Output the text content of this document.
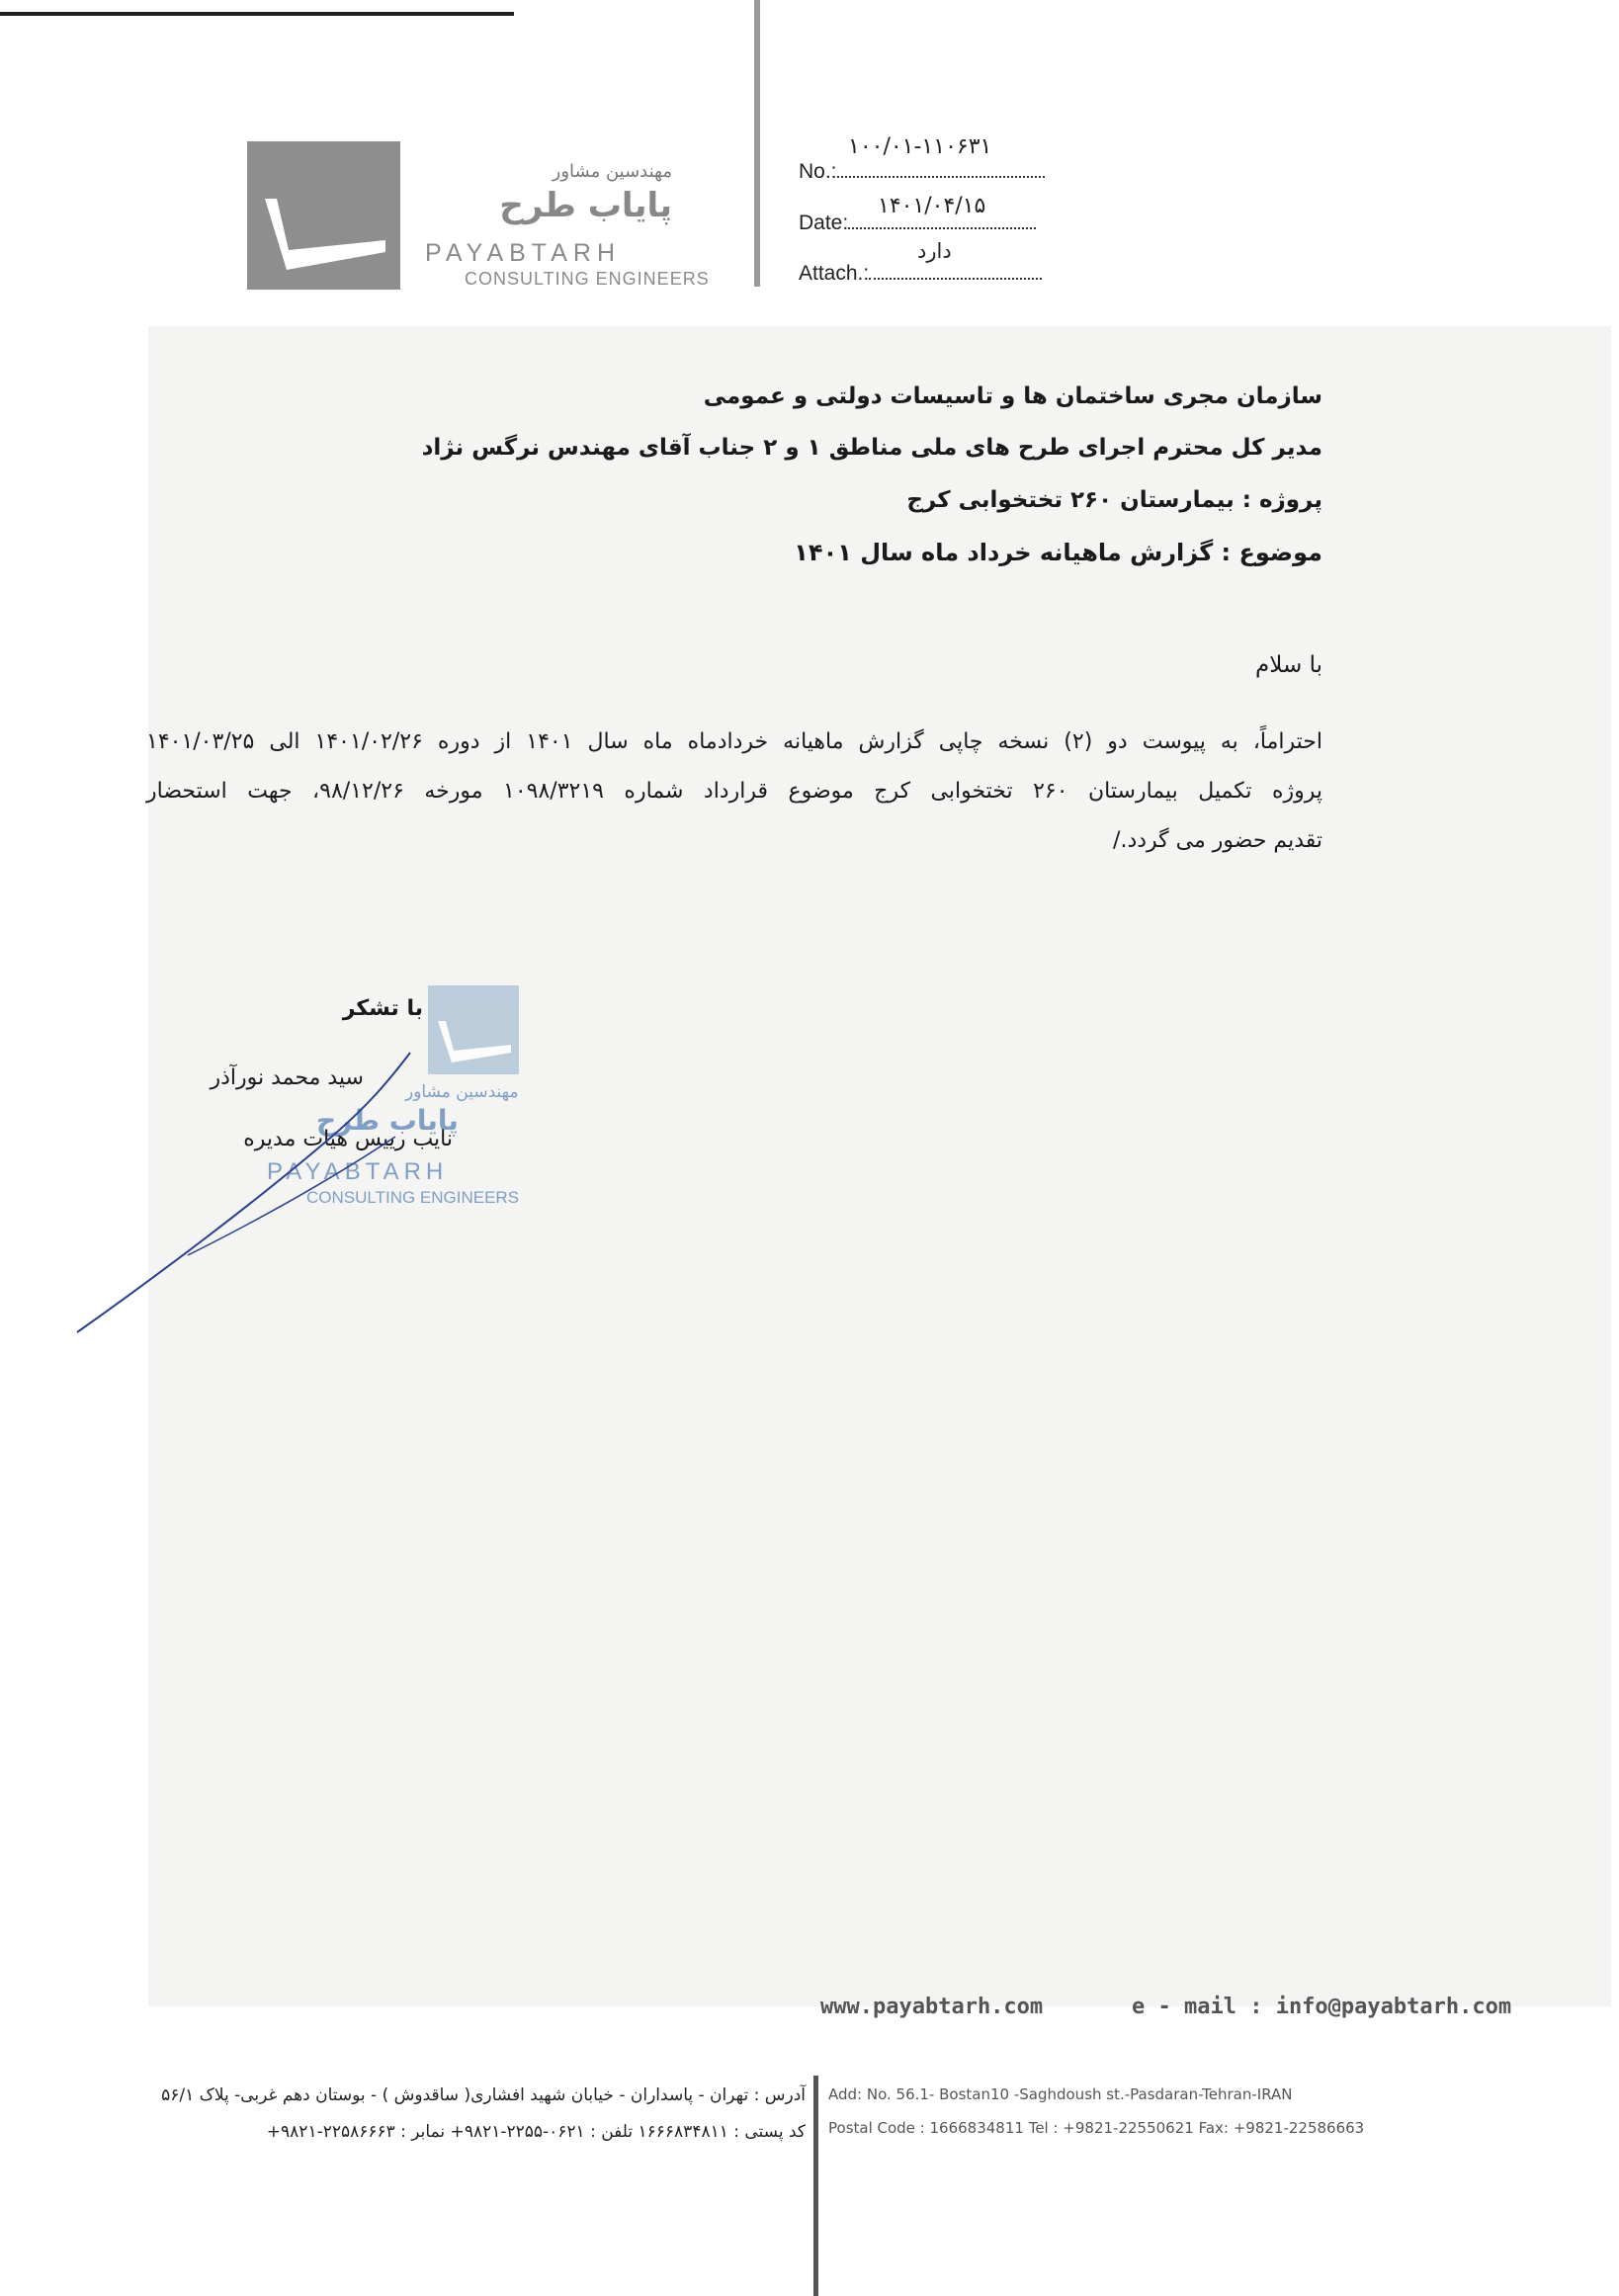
مهندسین مشاور
پایاب طرح
PAYABTARH
CONSULTING ENGINEERS
۱۰۰/۰۱-۱۱۰۶۳۱
No.:
۱۴۰۱/۰۴/۱۵
Date:
دارد
Attach.:
سازمان مجری ساختمان ها و تاسیسات دولتی و عمومی
مدیر کل محترم اجرای طرح های ملی مناطق ۱ و ۲ جناب آقای مهندس نرگس نژاد
پروژه : بیمارستان ۲۶۰ تختخوابی کرج
موضوع : گزارش ماهیانه خرداد ماه سال ۱۴۰۱
با سلام
احتراماً، به پیوست دو (۲) نسخه چاپی گزارش ماهیانه خردادماه ماه سال ۱۴۰۱ از دوره ۱۴۰۱/۰۲/۲۶ الی ۱۴۰۱/۰۳/۲۵
پروژه تکمیل بیمارستان ۲۶۰ تختخوابی کرج موضوع قرارداد شماره ۱۰۹۸/۳۲۱۹ مورخه ۹۸/۱۲/۲۶، جهت استحضار
تقدیم حضور می گردد./
مهندسین مشاور
پایاب طرح
PAYABTARH
CONSULTING ENGINEERS
با تشکر
سید محمد نورآذر
نایب رییس هیات مدیره
www.payabtarh.com	e - mail : info@payabtarh.com
آدرس : تهران - پاسداران - خیابان شهید افشاری( ساقدوش ) - بوستان دهم غربی- پلاک ۵۶/۱
کد پستی : ۱۶۶۶۸۳۴۸۱۱ تلفن : ۰۶۲۱-۲۲۵۵-۹۸۲۱+ نمابر : ۲۲۵۸۶۶۶۳-۹۸۲۱+
Add: No. 56.1- Bostan10 -Saghdoush st.-Pasdaran-Tehran-IRAN
Postal Code : 1666834811 Tel : +9821-22550621 Fax: +9821-22586663
